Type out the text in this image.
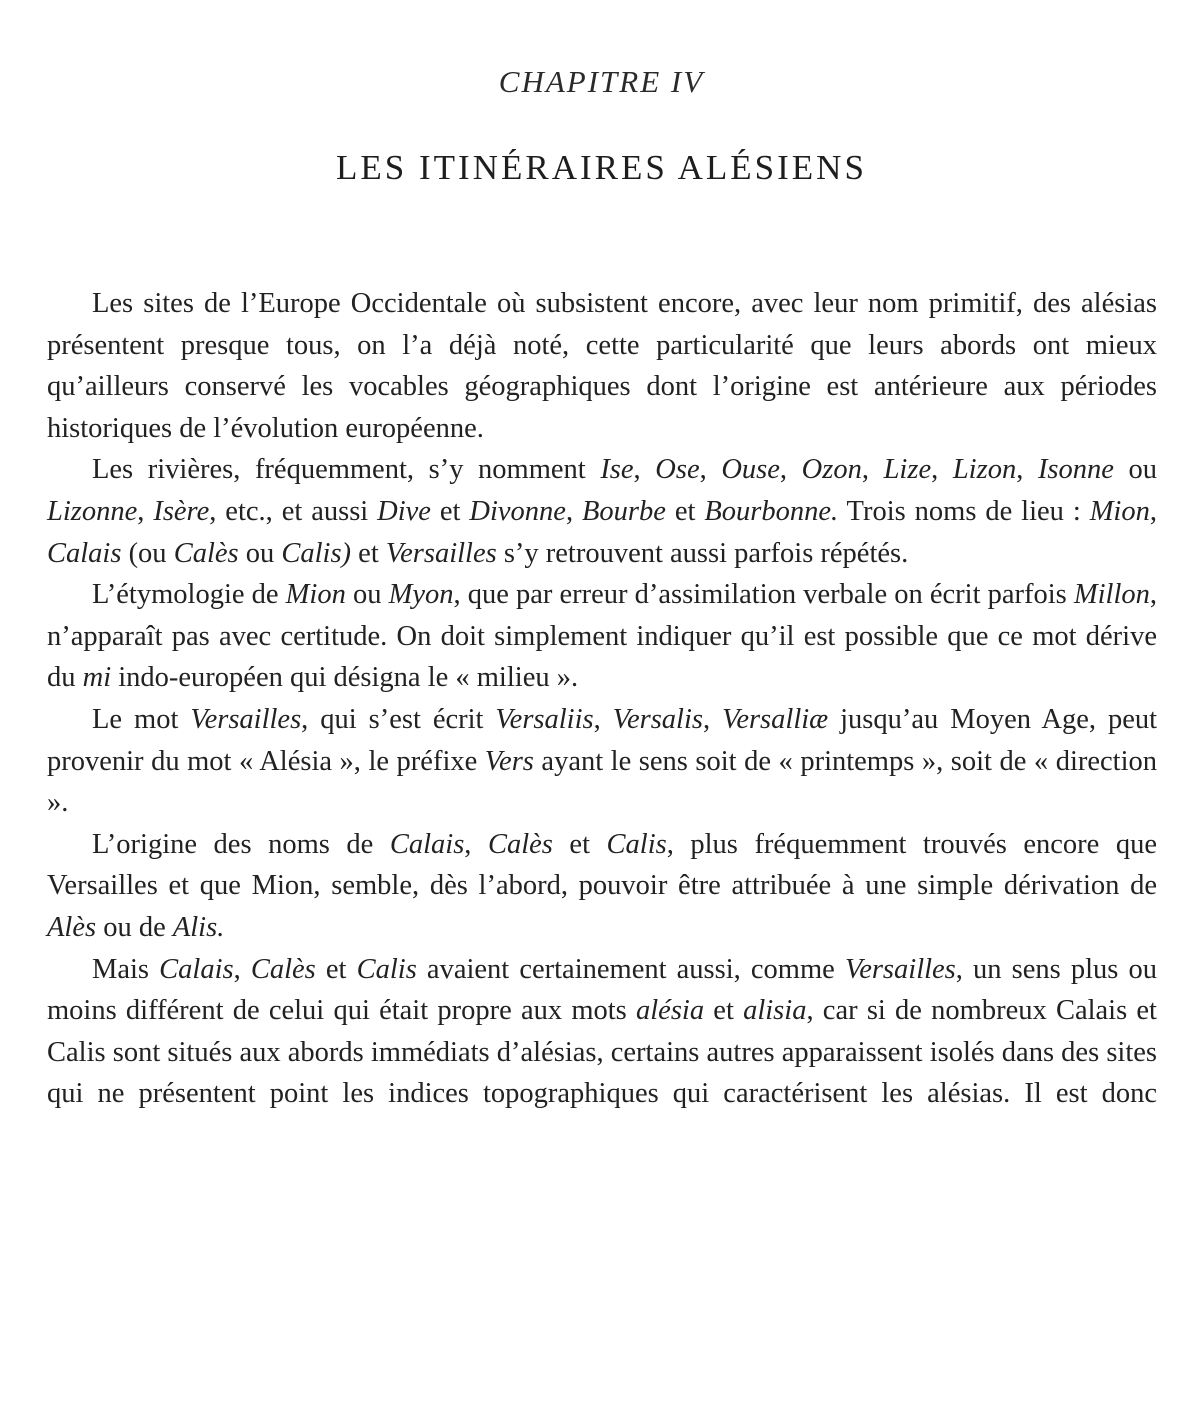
CHAPITRE IV
LES ITINÉRAIRES ALÉSIENS

Les sites de l’Europe Occidentale où subsistent encore, avec leur nom primitif, des alésias présentent presque tous, on l’a déjà noté, cette particularité que leurs abords ont mieux qu’ailleurs conservé les vocables géographiques dont l’origine est antérieure aux périodes historiques de l’évolution européenne.

Les rivières, fréquemment, s’y nomment Ise, Ose, Ouse, Ozon, Lize, Lizon, Isonne ou Lizonne, Isère, etc., et aussi Dive et Divonne, Bourbe et Bourbonne. Trois noms de lieu : Mion, Calais (ou Calès ou Calis) et Versailles s’y retrouvent aussi parfois répétés.

L’étymologie de Mion ou Myon, que par erreur d’assimilation verbale on écrit parfois Millon, n’apparaît pas avec certitude. On doit simplement indiquer qu’il est possible que ce mot dérive du mi indo-européen qui désigna le « milieu ».

Le mot Versailles, qui s’est écrit Versaliis, Versalis, Versalliæ jusqu’au Moyen Age, peut provenir du mot « Alésia », le préfixe Vers ayant le sens soit de « printemps », soit de « direction ».

L’origine des noms de Calais, Calès et Calis, plus fréquemment trouvés encore que Versailles et que Mion, semble, dès l’abord, pouvoir être attribuée à une simple dérivation de Alès ou de Alis.

Mais Calais, Calès et Calis avaient certainement aussi, comme Versailles, un sens plus ou moins différent de celui qui était propre aux mots alésia et alisia, car si de nombreux Calais et Calis sont situés aux abords immédiats d’alésias, certains autres apparaissent isolés dans des sites qui ne présentent point les indices topographiques qui caractérisent les alésias. Il est donc
